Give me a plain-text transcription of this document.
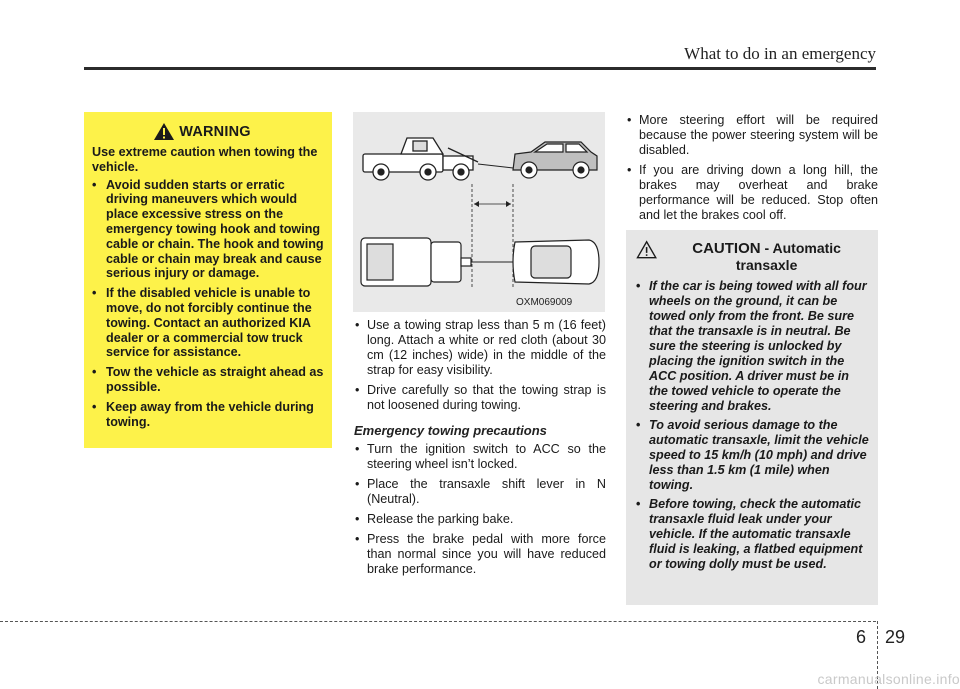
What to do in an emergency
WARNING

Use extreme caution when towing the vehicle.

• Avoid sudden starts or erratic driving maneuvers which would place excessive stress on the emergency towing hook and towing cable or chain. The hook and towing cable or chain may break and cause serious injury or damage.
• If the disabled vehicle is unable to move, do not forcibly continue the towing. Contact an authorized KIA dealer or a commercial tow truck service for assistance.
• Tow the vehicle as straight ahead as possible.
• Keep away from the vehicle during towing.
OXM069009
• Use a towing strap less than 5 m (16 feet) long. Attach a white or red cloth (about 30 cm (12 inches) wide) in the middle of the strap for easy visibility.
• Drive carefully so that the towing strap is not loosened during towing.
Emergency towing precautions
• Turn the ignition switch to ACC so the steering wheel isn’t locked.
• Place the transaxle shift lever in N (Neutral).
• Release the parking bake.
• Press the brake pedal with more force than normal since you will have reduced brake performance.
• More steering effort will be required because the power steering system will be disabled.
• If you are driving down a long hill, the brakes may overheat and brake performance will be reduced. Stop often and let the brakes cool off.
CAUTION - Automatic transaxle
• If the car is being towed with all four wheels on the ground, it can be towed only from the front. Be sure that the transaxle is in neutral. Be sure the steering is unlocked by placing the ignition switch in the ACC position. A driver must be in the towed vehicle to operate the steering and brakes.
• To avoid serious damage to the automatic transaxle, limit the vehicle speed to 15 km/h (10 mph) and drive less than 1.5 km (1 mile) when towing.
• Before towing, check the automatic transaxle fluid leak under your vehicle. If the automatic transaxle fluid is leaking, a flatbed equipment or towing dolly must be used.
6 29
carmanualsonline.info
